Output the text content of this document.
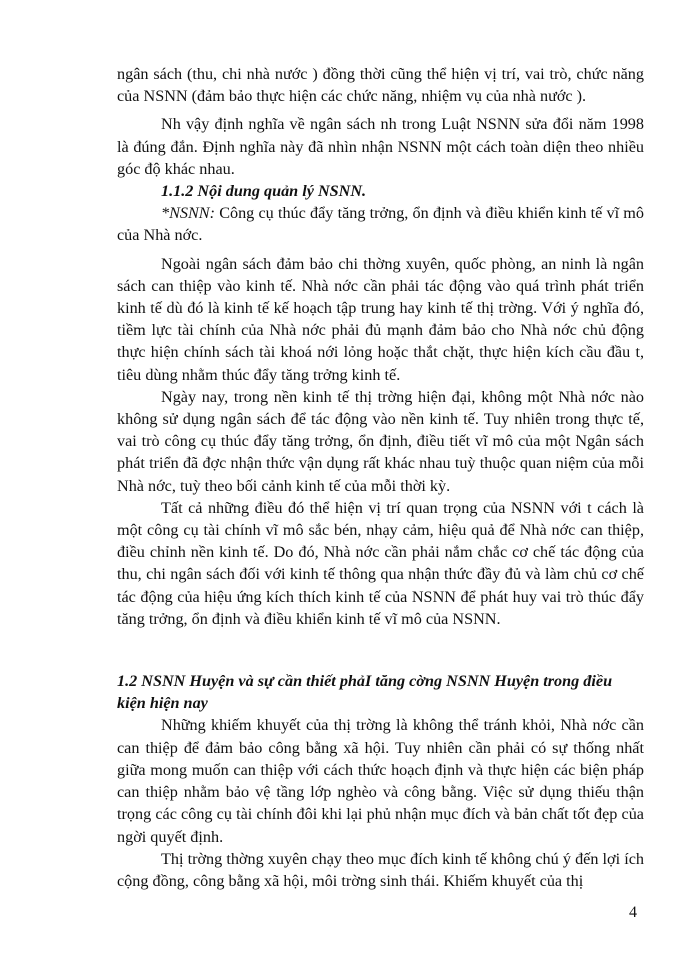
ngân sách (thu, chi nhà nước ) đồng thời cũng thể hiện vị trí, vai trò, chức năng của NSNN (đảm bảo thực hiện các chức năng, nhiệm vụ của nhà nước ).

Nh vậy định nghĩa về ngân sách nh trong Luật NSNN sửa đổi năm 1998 là đúng đắn. Định nghĩa này đã nhìn nhận NSNN một cách toàn diện theo nhiều góc độ khác nhau.

1.1.2 Nội dung quản lý NSNN.

*NSNN: Công cụ thúc đẩy tăng trởng, ổn định và điều khiển kinh tế vĩ mô của Nhà nớc.

Ngoài ngân sách đảm bảo chi thờng xuyên, quốc phòng, an ninh là ngân sách can thiệp vào kinh tế. Nhà nớc cần phải tác động vào quá trình phát triển kinh tế dù đó là kinh tế kế hoạch tập trung hay kinh tế thị trờng. Với ý nghĩa đó, tiềm lực tài chính của Nhà nớc phải đủ mạnh đảm bảo cho Nhà nớc chủ động thực hiện chính sách tài khoá nới lỏng hoặc thắt chặt, thực hiện kích cầu đầu t, tiêu dùng nhằm thúc đẩy tăng trởng kinh tế.

Ngày nay, trong nền kinh tế thị trờng hiện đại, không một Nhà nớc nào không sử dụng ngân sách để tác động vào nền kinh tế. Tuy nhiên trong thực tế, vai trò công cụ thúc đẩy tăng trởng, ổn định, điều tiết vĩ mô của một Ngân sách phát triển đã đợc nhận thức vận dụng rất khác nhau tuỳ thuộc quan niệm của mỗi Nhà nớc, tuỳ theo bối cảnh kinh tế của mỗi thời kỳ.

Tất cả những điều đó thể hiện vị trí quan trọng của NSNN với t cách là một công cụ tài chính vĩ mô sắc bén, nhạy cảm, hiệu quả để Nhà nớc can thiệp, điều chỉnh nền kinh tế. Do đó, Nhà nớc cần phải nắm chắc cơ chế tác động của thu, chi ngân sách đối với kinh tế thông qua nhận thức đầy đủ và làm chủ cơ chế tác động của hiệu ứng kích thích kinh tế của NSNN để phát huy vai trò thúc đẩy tăng trởng, ổn định và điều khiển kinh tế vĩ mô của NSNN.

1.2 NSNN Huyện và sự cần thiết phảI tăng cờng NSNN Huyện trong điều kiện hiện nay

Những khiếm khuyết của thị trờng là không thể tránh khỏi, Nhà nớc cần can thiệp để đảm bảo công bằng xã hội. Tuy nhiên cần phải có sự thống nhất giữa mong muốn can thiệp với cách thức hoạch định và thực hiện các biện pháp can thiệp nhằm bảo vệ tầng lớp nghèo và công bằng. Việc sử dụng thiếu thận trọng các công cụ tài chính đôi khi lại phủ nhận mục đích và bản chất tốt đẹp của ngời quyết định.

Thị trờng thờng xuyên chạy theo mục đích kinh tế không chú ý đến lợi ích cộng đồng, công bằng xã hội, môi trờng sinh thái. Khiếm khuyết của thị

4
